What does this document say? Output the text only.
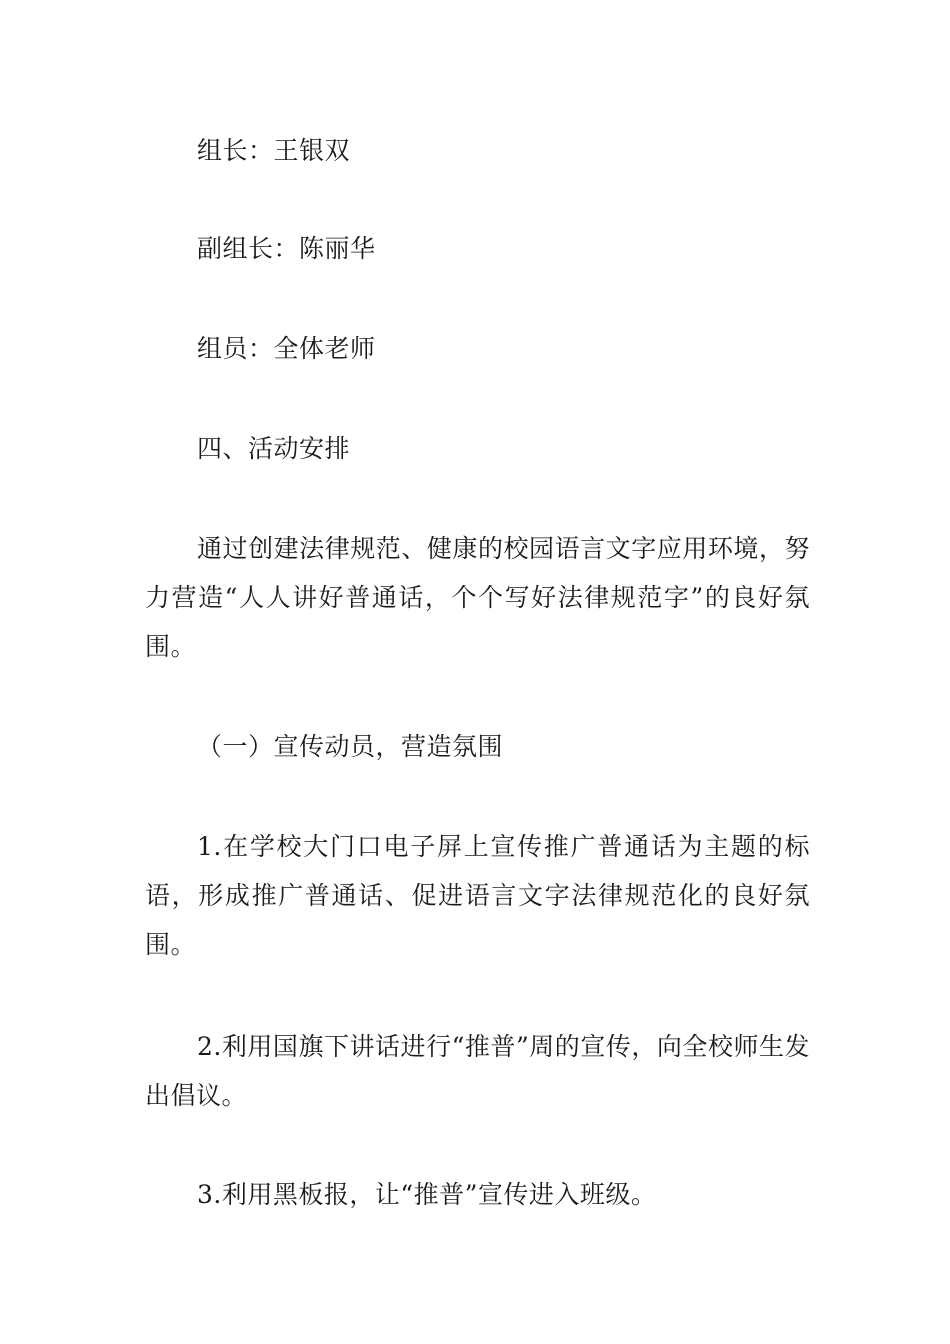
组长：王银双

副组长：陈丽华

组员：全体老师

四、活动安排

通过创建法律规范、健康的校园语言文字应用环境，努力营造“人人讲好普通话，个个写好法律规范字”的良好氛围。

（一）宣传动员，营造氛围

1.在学校大门口电子屏上宣传推广普通话为主题的标语，形成推广普通话、促进语言文字法律规范化的良好氛围。

2.利用国旗下讲话进行“推普”周的宣传，向全校师生发出倡议。

3.利用黑板报，让“推普”宣传进入班级。
